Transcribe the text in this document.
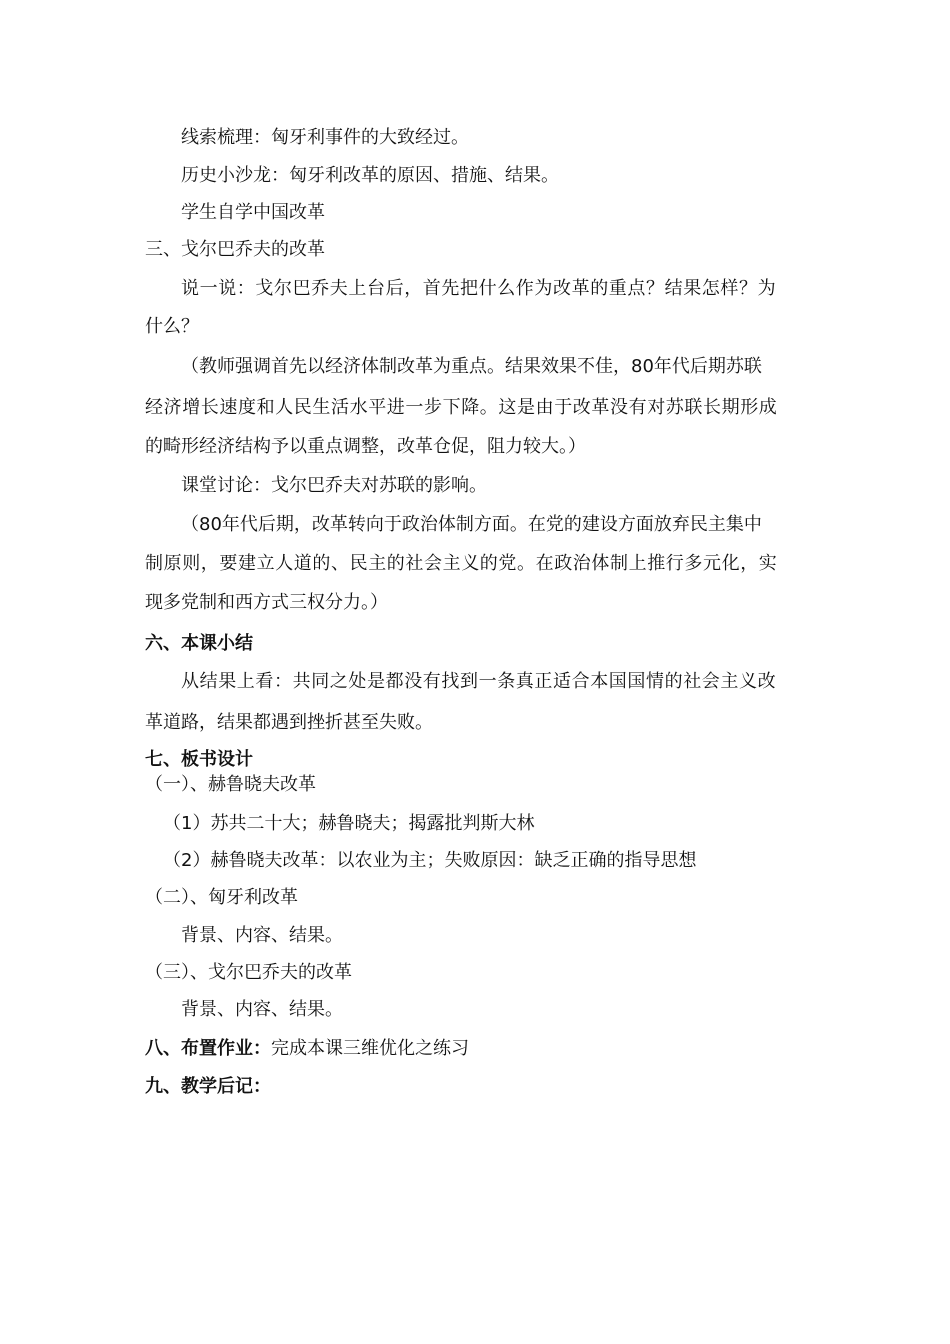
线索梳理：匈牙利事件的大致经过。
历史小沙龙：匈牙利改革的原因、措施、结果。
学生自学中国改革
三、戈尔巴乔夫的改革
说一说：戈尔巴乔夫上台后，首先把什么作为改革的重点？结果怎样？为
什么？
（教师强调首先以经济体制改革为重点。结果效果不佳，80年代后期苏联
经济增长速度和人民生活水平进一步下降。这是由于改革没有对苏联长期形成
的畸形经济结构予以重点调整，改革仓促，阻力较大。）
课堂讨论：戈尔巴乔夫对苏联的影响。
（80年代后期，改革转向于政治体制方面。在党的建设方面放弃民主集中
制原则，要建立人道的、民主的社会主义的党。在政治体制上推行多元化，实
现多党制和西方式三权分力。）
六、本课小结
从结果上看：共同之处是都没有找到一条真正适合本国国情的社会主义改
革道路，结果都遇到挫折甚至失败。
七、板书设计
（一）、赫鲁晓夫改革
（1）苏共二十大；赫鲁晓夫；揭露批判斯大林
（2）赫鲁晓夫改革：以农业为主；失败原因：缺乏正确的指导思想
（二）、匈牙利改革
背景、内容、结果。
（三）、戈尔巴乔夫的改革
背景、内容、结果。
八、布置作业：完成本课三维优化之练习
九、教学后记：
